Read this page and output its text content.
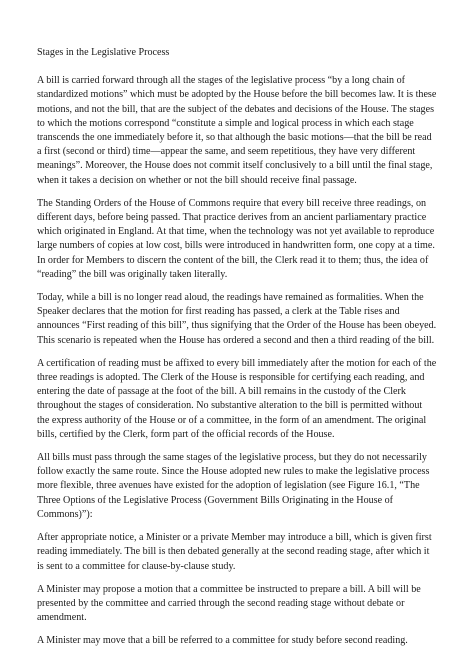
Stages in the Legislative Process

A bill is carried forward through all the stages of the legislative process “by a long chain of standardized motions” which must be adopted by the House before the bill becomes law. It is these motions, and not the bill, that are the subject of the debates and decisions of the House. The stages to which the motions correspond “constitute a simple and logical process in which each stage transcends the one immediately before it, so that although the basic motions—that the bill be read a first (second or third) time—appear the same, and seem repetitious, they have very different meanings”. Moreover, the House does not commit itself conclusively to a bill until the final stage, when it takes a decision on whether or not the bill should receive final passage.

The Standing Orders of the House of Commons require that every bill receive three readings, on different days, before being passed. That practice derives from an ancient parliamentary practice which originated in England. At that time, when the technology was not yet available to reproduce large numbers of copies at low cost, bills were introduced in handwritten form, one copy at a time. In order for Members to discern the content of the bill, the Clerk read it to them; thus, the idea of “reading” the bill was originally taken literally.

Today, while a bill is no longer read aloud, the readings have remained as formalities. When the Speaker declares that the motion for first reading has passed, a clerk at the Table rises and announces “First reading of this bill”, thus signifying that the Order of the House has been obeyed. This scenario is repeated when the House has ordered a second and then a third reading of the bill.

A certification of reading must be affixed to every bill immediately after the motion for each of the three readings is adopted. The Clerk of the House is responsible for certifying each reading, and entering the date of passage at the foot of the bill. A bill remains in the custody of the Clerk throughout the stages of consideration. No substantive alteration to the bill is permitted without the express authority of the House or of a committee, in the form of an amendment. The original bills, certified by the Clerk, form part of the official records of the House.

All bills must pass through the same stages of the legislative process, but they do not necessarily follow exactly the same route. Since the House adopted new rules to make the legislative process more flexible, three avenues have existed for the adoption of legislation (see Figure 16.1, “The Three Options of the Legislative Process (Government Bills Originating in the House of Commons)”):

After appropriate notice, a Minister or a private Member may introduce a bill, which is given first reading immediately. The bill is then debated generally at the second reading stage, after which it is sent to a committee for clause-by-clause study.

A Minister may propose a motion that a committee be instructed to prepare a bill. A bill will be presented by the committee and carried through the second reading stage without debate or amendment.

A Minister may move that a bill be referred to a committee for study before second reading.
